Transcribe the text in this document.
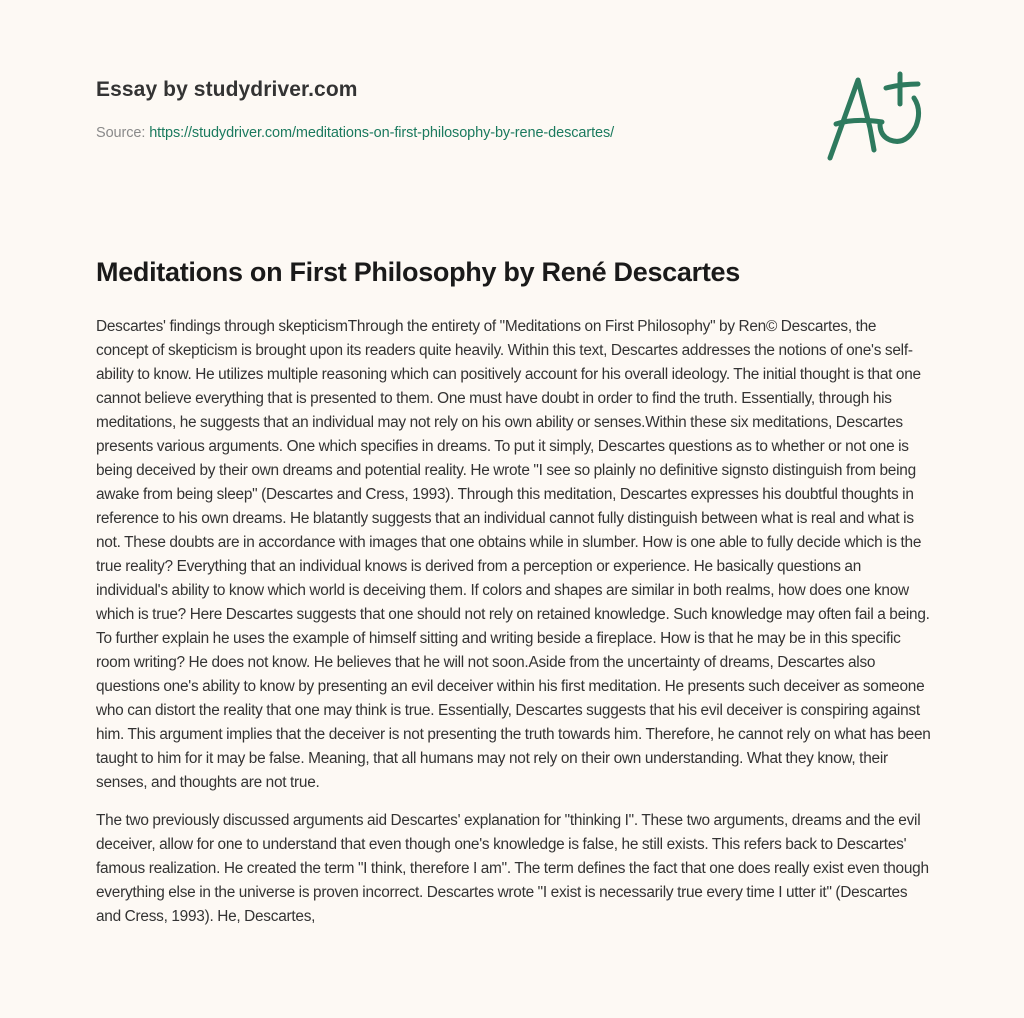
Essay by studydriver.com
Source: https://studydriver.com/meditations-on-first-philosophy-by-rene-descartes/
Meditations on First Philosophy by René Descartes

Descartes' findings through skepticismThrough the entirety of "Meditations on First Philosophy" by Ren© Descartes, the concept of skepticism is brought upon its readers quite heavily. Within this text, Descartes addresses the notions of one's self-ability to know. He utilizes multiple reasoning which can positively account for his overall ideology. The initial thought is that one cannot believe everything that is presented to them. One must have doubt in order to find the truth. Essentially, through his meditations, he suggests that an individual may not rely on his own ability or senses.Within these six meditations, Descartes presents various arguments. One which specifies in dreams. To put it simply, Descartes questions as to whether or not one is being deceived by their own dreams and potential reality. He wrote "I see so plainly no definitive signsto distinguish from being awake from being sleep" (Descartes and Cress, 1993). Through this meditation, Descartes expresses his doubtful thoughts in reference to his own dreams. He blatantly suggests that an individual cannot fully distinguish between what is real and what is not. These doubts are in accordance with images that one obtains while in slumber. How is one able to fully decide which is the true reality? Everything that an individual knows is derived from a perception or experience. He basically questions an individual's ability to know which world is deceiving them. If colors and shapes are similar in both realms, how does one know which is true? Here Descartes suggests that one should not rely on retained knowledge. Such knowledge may often fail a being. To further explain he uses the example of himself sitting and writing beside a fireplace. How is that he may be in this specific room writing? He does not know. He believes that he will not soon.Aside from the uncertainty of dreams, Descartes also questions one's ability to know by presenting an evil deceiver within his first meditation. He presents such deceiver as someone who can distort the reality that one may think is true. Essentially, Descartes suggests that his evil deceiver is conspiring against him. This argument implies that the deceiver is not presenting the truth towards him. Therefore, he cannot rely on what has been taught to him for it may be false. Meaning, that all humans may not rely on their own understanding. What they know, their senses, and thoughts are not true.

The two previously discussed arguments aid Descartes' explanation for "thinking I". These two arguments, dreams and the evil deceiver, allow for one to understand that even though one's knowledge is false, he still exists. This refers back to Descartes' famous realization. He created the term "I think, therefore I am". The term defines the fact that one does really exist even though everything else in the universe is proven incorrect. Descartes wrote "I exist is necessarily true every time I utter it" (Descartes and Cress, 1993). He, Descartes,
